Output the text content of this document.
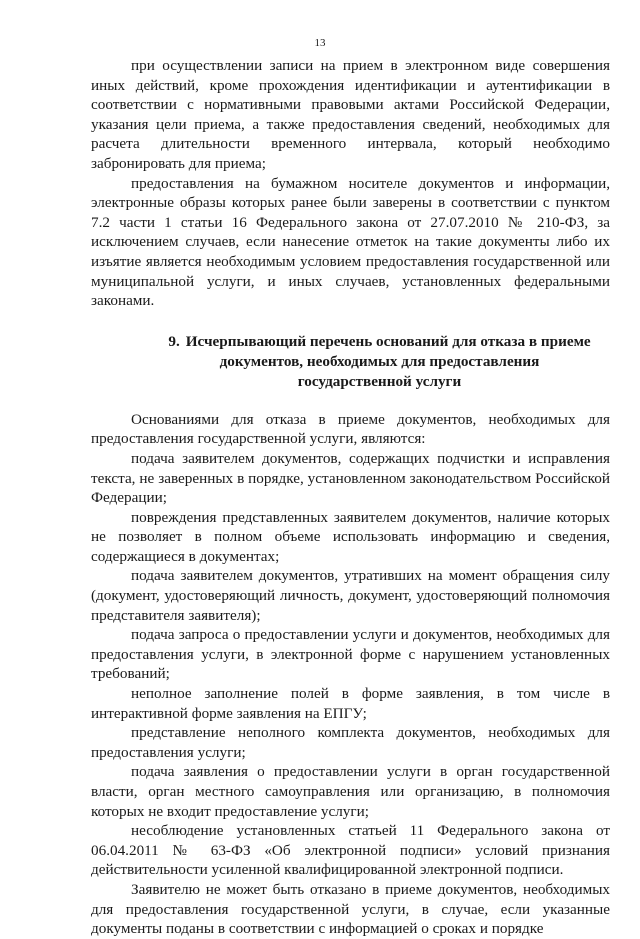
13

при осуществлении записи на прием в электронном виде совершения иных действий, кроме прохождения идентификации и аутентификации в соответствии с нормативными правовыми актами Российской Федерации, указания цели приема, а также предоставления сведений, необходимых для расчета длительности временного интервала, который необходимо забронировать для приема;

предоставления на бумажном носителе документов и информации, электронные образы которых ранее были заверены в соответствии с пунктом 7.2 части 1 статьи 16 Федерального закона от 27.07.2010 № 210-ФЗ, за исключением случаев, если нанесение отметок на такие документы либо их изъятие является необходимым условием предоставления государственной или муниципальной услуги, и иных случаев, установленных федеральными законами.

9. Исчерпывающий перечень оснований для отказа в приеме документов, необходимых для предоставления государственной услуги

Основаниями для отказа в приеме документов, необходимых для предоставления государственной услуги, являются:

подача заявителем документов, содержащих подчистки и исправления текста, не заверенных в порядке, установленном законодательством Российской Федерации;

повреждения представленных заявителем документов, наличие которых не позволяет в полном объеме использовать информацию и сведения, содержащиеся в документах;

подача заявителем документов, утративших на момент обращения силу (документ, удостоверяющий личность, документ, удостоверяющий полномочия представителя заявителя);

подача запроса о предоставлении услуги и документов, необходимых для предоставления услуги, в электронной форме с нарушением установленных требований;

неполное заполнение полей в форме заявления, в том числе в интерактивной форме заявления на ЕПГУ;

представление неполного комплекта документов, необходимых для предоставления услуги;

подача заявления о предоставлении услуги в орган государственной власти, орган местного самоуправления или организацию, в полномочия которых не входит предоставление услуги;

несоблюдение установленных статьей 11 Федерального закона от 06.04.2011 № 63-ФЗ «Об электронной подписи» условий признания действительности усиленной квалифицированной электронной подписи.

Заявителю не может быть отказано в приеме документов, необходимых для предоставления государственной услуги, в случае, если указанные документы поданы в соответствии с информацией о сроках и порядке
